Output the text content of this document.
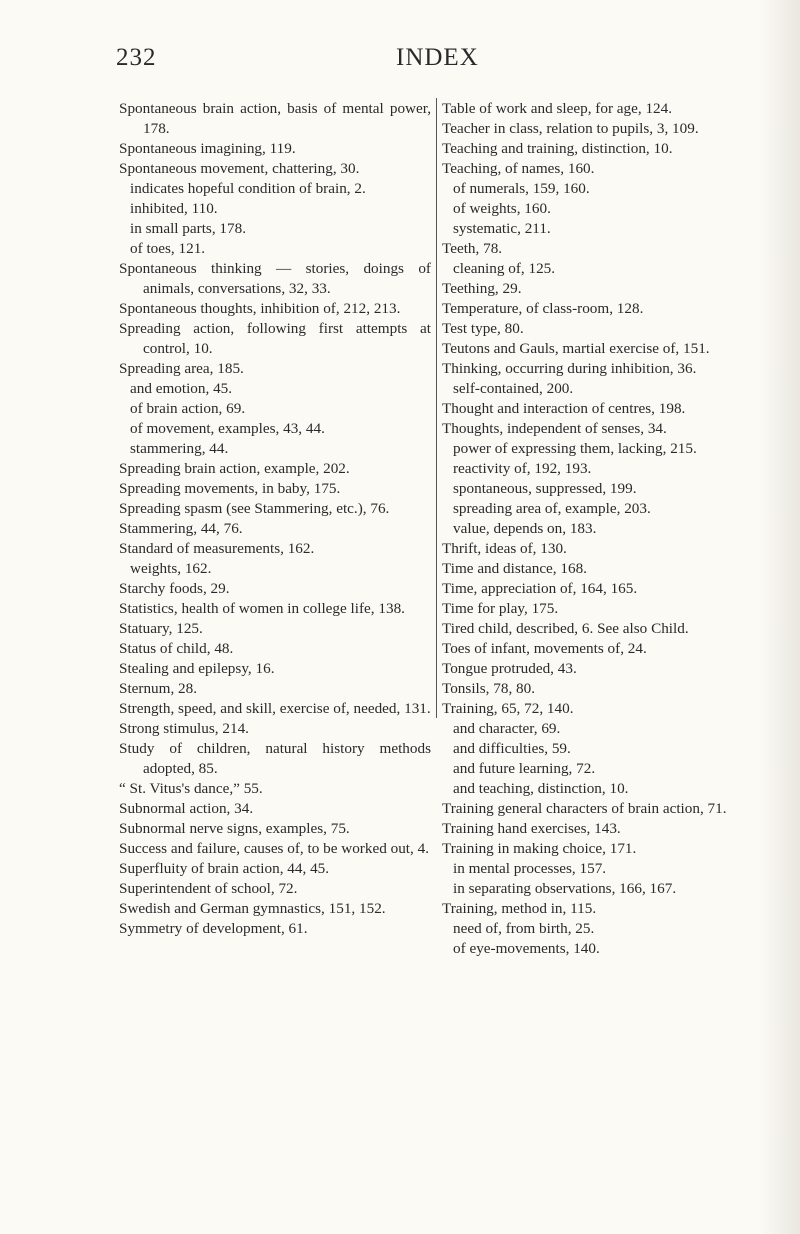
232	INDEX

Spontaneous brain action, basis of mental power, 178.

Spontaneous imagining, 119.

Spontaneous movement, chattering, 30.

indicates hopeful condition of brain, 2.

inhibited, 110.

in small parts, 178.

of toes, 121.

Spontaneous thinking — stories, doings of animals, conversations, 32, 33.

Spontaneous thoughts, inhibition of, 212, 213.

Spreading action, following first attempts at control, 10.

Spreading area, 185.

and emotion, 45.

of brain action, 69.

of movement, examples, 43, 44.

stammering, 44.

Spreading brain action, example, 202.

Spreading movements, in baby, 175.

Spreading spasm (see Stammering, etc.), 76.

Stammering, 44, 76.

Standard of measurements, 162.

weights, 162.

Starchy foods, 29.

Statistics, health of women in college life, 138.

Statuary, 125.

Status of child, 48.

Stealing and epilepsy, 16.

Sternum, 28.

Strength, speed, and skill, exercise of, needed, 131.

Strong stimulus, 214.

Study of children, natural history methods adopted, 85.

“ St. Vitus's dance,” 55.

Subnormal action, 34.

Subnormal nerve signs, examples, 75.

Success and failure, causes of, to be worked out, 4.

Superfluity of brain action, 44, 45.

Superintendent of school, 72.

Swedish and German gymnastics, 151, 152.

Symmetry of development, 61.

Table of work and sleep, for age, 124.

Teacher in class, relation to pupils, 3, 109.

Teaching and training, distinction, 10.

Teaching, of names, 160.

of numerals, 159, 160.

of weights, 160.

systematic, 211.

Teeth, 78.

cleaning of, 125.

Teething, 29.

Temperature, of class-room, 128.

Test type, 80.

Teutons and Gauls, martial exercise of, 151.

Thinking, occurring during inhibition, 36.

self-contained, 200.

Thought and interaction of centres, 198.

Thoughts, independent of senses, 34.

power of expressing them, lacking, 215.

reactivity of, 192, 193.

spontaneous, suppressed, 199.

spreading area of, example, 203.

value, depends on, 183.

Thrift, ideas of, 130.

Time and distance, 168.

Time, appreciation of, 164, 165.

Time for play, 175.

Tired child, described, 6. See also Child.

Toes of infant, movements of, 24.

Tongue protruded, 43.

Tonsils, 78, 80.

Training, 65, 72, 140.

and character, 69.

and difficulties, 59.

and future learning, 72.

and teaching, distinction, 10.

Training general characters of brain action, 71.

Training hand exercises, 143.

Training in making choice, 171.

in mental processes, 157.

in separating observations, 166, 167.

Training, method in, 115.

need of, from birth, 25.

of eye-movements, 140.
